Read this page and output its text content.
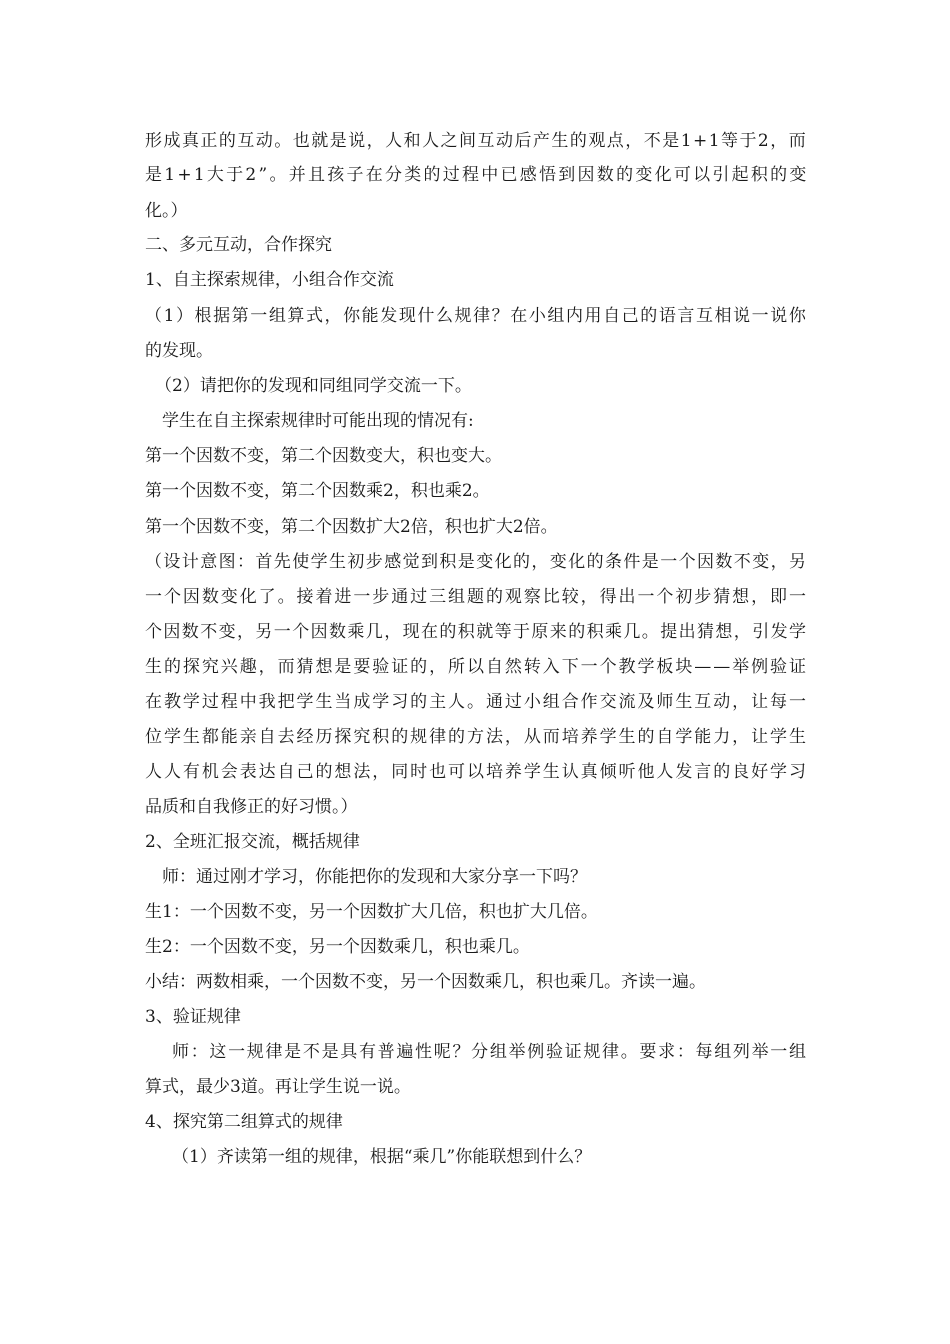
形成真正的互动。也就是说，人和人之间互动后产生的观点，不是1+1等于2，而
是1+1大于2”。并且孩子在分类的过程中已感悟到因数的变化可以引起积的变
化。）
二、多元互动，合作探究
1、自主探索规律，小组合作交流
（1）根据第一组算式，你能发现什么规律？在小组内用自己的语言互相说一说你
的发现。
（2）请把你的发现和同组同学交流一下。
学生在自主探索规律时可能出现的情况有:
第一个因数不变，第二个因数变大，积也变大。
第一个因数不变，第二个因数乘2，积也乘2。
第一个因数不变，第二个因数扩大2倍，积也扩大2倍。
（设计意图：首先使学生初步感觉到积是变化的，变化的条件是一个因数不变，另
一个因数变化了。接着进一步通过三组题的观察比较，得出一个初步猜想，即一
个因数不变，另一个因数乘几，现在的积就等于原来的积乘几。提出猜想，引发学
生的探究兴趣，而猜想是要验证的，所以自然转入下一个教学板块——举例验证
在教学过程中我把学生当成学习的主人。通过小组合作交流及师生互动，让每一
位学生都能亲自去经历探究积的规律的方法，从而培养学生的自学能力，让学生
人人有机会表达自己的想法，同时也可以培养学生认真倾听他人发言的良好学习
品质和自我修正的好习惯。）
2、全班汇报交流，概括规律
师：通过刚才学习，你能把你的发现和大家分享一下吗？
生1：一个因数不变，另一个因数扩大几倍，积也扩大几倍。
生2：一个因数不变，另一个因数乘几，积也乘几。
小结：两数相乘，一个因数不变，另一个因数乘几，积也乘几。齐读一遍。
3、验证规律
师：这一规律是不是具有普遍性呢？分组举例验证规律。要求：每组列举一组
算式，最少3道。再让学生说一说。
4、探究第二组算式的规律
（1）齐读第一组的规律，根据“乘几”你能联想到什么？
